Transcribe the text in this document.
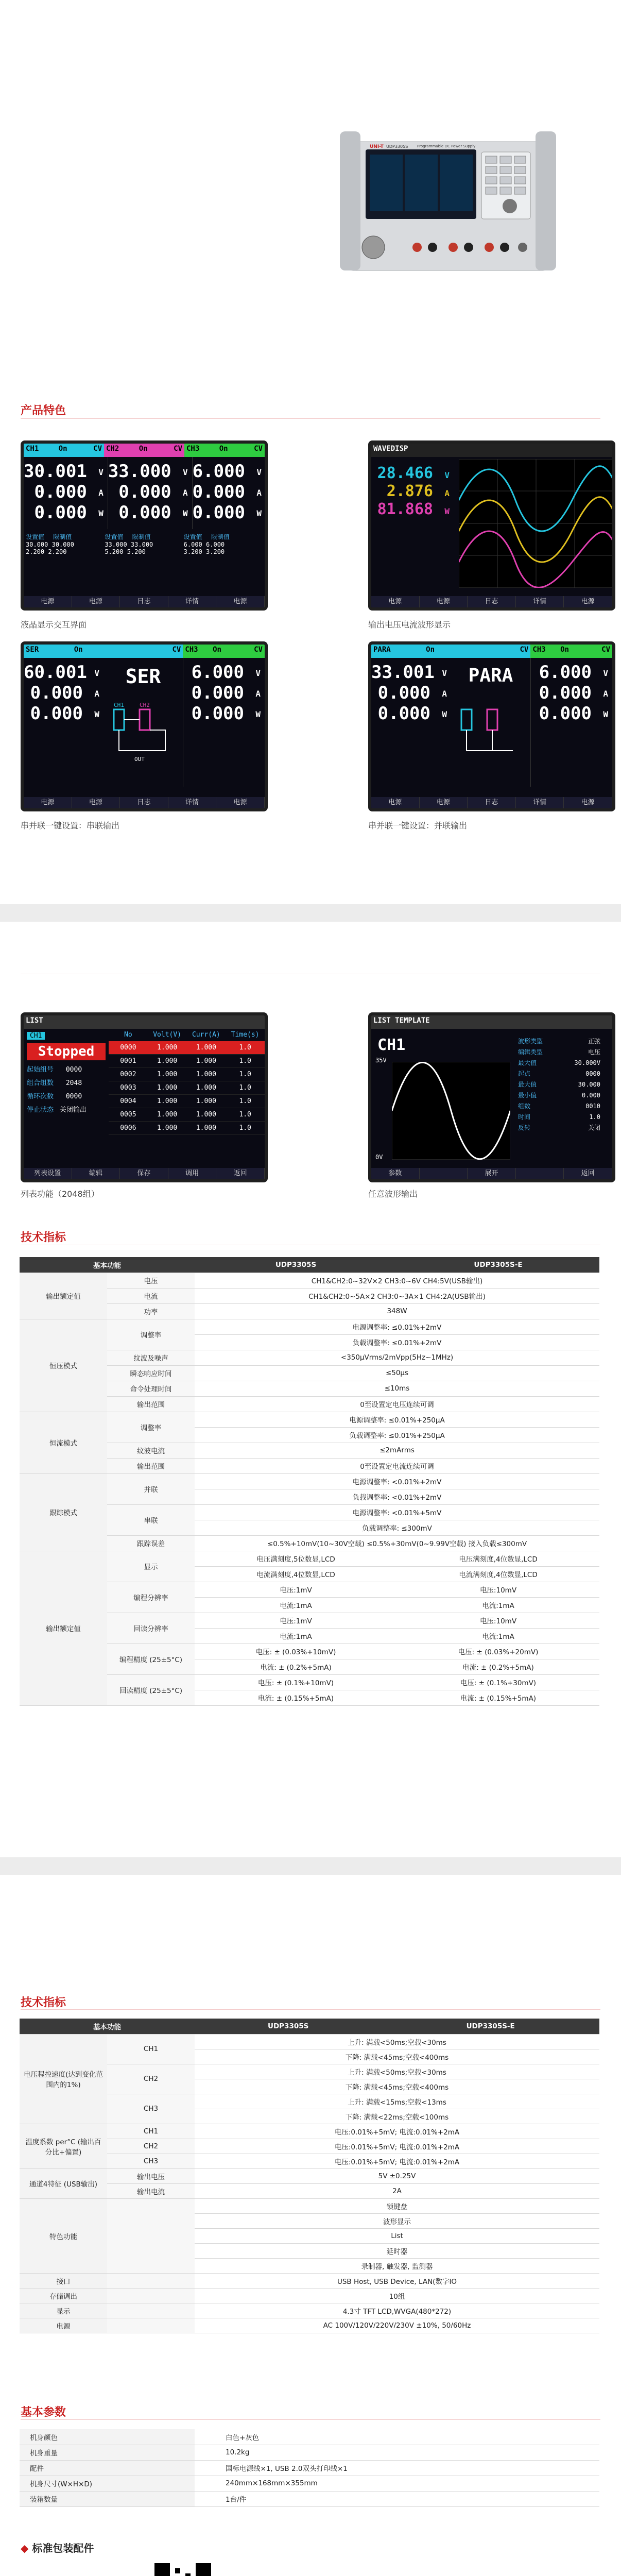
UNI-T UDP3305S	Programmable DC Power Supply
产品特色
CH1	On	CV CH2	On	CV CH3	On	CV
30.001 V
0.000 A
0.000 W
33.000 V
0.000 A
0.000 W
6.000 V
0.000 A
0.000 W
设置值 限制值
30.000 30.000
2.200 2.200
设置值 限制值
33.000 33.000
5.200 5.200
设置值 限制值
6.000 6.000
3.200 3.200
电源	电源	日志	详情	电源
液晶显示交互界面
WAVEDISP
28.466 V
2.876 A
81.868 W
电源	电源	日志	详情	电源
输出电压电流波形显示
SER	On	CV CH3 On	CV
60.001 V
0.000 A
0.000 W
SER
CH1	CH2
OUT
6.000 V
0.000 A
0.000 W
电源	电源	日志	详情	电源
串并联一键设置：串联输出
PARA	On	CV CH3 On	CV
33.001 V
0.000 A
0.000 W
PARA	6.000 V
0.000 A
0.000 W
电源	电源	日志	详情	电源
串并联一键设置：并联输出
LIST
CH1
Stopped
起始组号 0000
组合组数 2048
循环次数 0000
停止状态 关闭输出
No	Volt(V)	Curr(A)	Time(s)
0000	1.000	1.000	1.0
0001	1.000	1.000	1.0
0002	1.000	1.000	1.0
0003	1.000	1.000	1.0
0004	1.000	1.000	1.0
0005	1.000	1.000	1.0
0006	1.000	1.000	1.0
列表设置	编辑	保存	调用	返回
列表功能（2048组）
LIST TEMPLATE
CH1
35V
0V
波形类型	正弦
编辑类型	电压
最大值	30.000V
起点	0000
最大值	30.000
最小值	0.000
组数	0010
时间	1.0
反转	关闭
参数	展开	返回
任意波形输出
技术指标
基本功能		UDP3305S	UDP3305S-E
输出额定值	电压	CH1&CH2:0~32V×2 CH3:0~6V CH4:5V(USB输出)	
	电流	CH1&CH2:0~5A×2 CH3:0~3A×1 CH4:2A(USB输出)	
	功率	348W	
恒压模式	调整率	电源调整率: ≤0.01%+2mV	
		负载调整率: ≤0.01%+2mV	
	纹波及噪声	<350μVrms/2mVpp(5Hz~1MHz)	
	瞬态响应时间	≤50μs	
	命令处理时间	≤10ms	
	输出范围	0至设置定电压连续可调	
恒流模式	调整率	电源调整率: ≤0.01%+250μA	
		负载调整率: ≤0.01%+250μA	
	纹波电流	≤2mArms	
	输出范围	0至设置定电流连续可调	
跟踪模式	并联	电源调整率: <0.01%+2mV	
		负载调整率: <0.01%+2mV	
	串联	电源调整率: <0.01%+5mV	
		负载调整率: ≤300mV	
	跟踪误差	≤0.5%+10mV(10~30V空载) ≤0.5%+30mV(0~9.99V空载) 接入负载≤300mV	
输出额定值	显示	电压满刻度,5位数显,LCD	电压满刻度,4位数显,LCD
		电流满刻度,4位数显,LCD	电流满刻度,4位数显,LCD
	编程分辨率	电压:1mV	电压:10mV
		电流:1mA	电流:1mA
	回读分辨率	电压:1mV	电压:10mV
		电流:1mA	电流:1mA
	编程精度 (25±5°C)	电压: ± (0.03%+10mV)	电压: ± (0.03%+20mV)
		电流: ± (0.2%+5mA)	电流: ± (0.2%+5mA)
	回读精度 (25±5°C)	电压: ± (0.1%+10mV)	电压: ± (0.1%+30mV)
		电流: ± (0.15%+5mA)	电流: ± (0.15%+5mA)
技术指标
基本功能		UDP3305S	UDP3305S-E
电压程控速度(达到变化范围内的1%)	CH1	上升: 满载<50ms;空载<30ms	
		下降: 满载<45ms;空载<400ms	
	CH2	上升: 满载<50ms;空载<30ms	
		下降: 满载<45ms;空载<400ms	
	CH3	上升: 满载<15ms;空载<13ms	
		下降: 满载<22ms;空载<100ms	
温度系数 per°C (输出百分比+偏置)	CH1	电压:0.01%+5mV; 电流:0.01%+2mA	
	CH2	电压:0.01%+5mV; 电流:0.01%+2mA	
	CH3	电压:0.01%+5mV; 电流:0.01%+2mA	
通道4特征 (USB输出)	输出电压	5V ±0.25V	
	输出电流	2A	
特色功能		锁键盘	
		波形显示	
		List	
		延时器	
		录制器, 触发器, 监测器	
接口		USB Host, USB Device, LAN(数字IO	
存储调出		10组	
显示		4.3寸 TFT LCD,WVGA(480*272)	
电源		AC 100V/120V/220V/230V ±10%, 50/60Hz	
基本参数
机身颜色	白色+灰色
机身重量	10.2kg
配件	国标电源线×1, USB 2.0双头打印线×1
机身尺寸(W×H×D)	240mm×168mm×355mm
装箱数量	1台/件
◆ 标准包装配件
